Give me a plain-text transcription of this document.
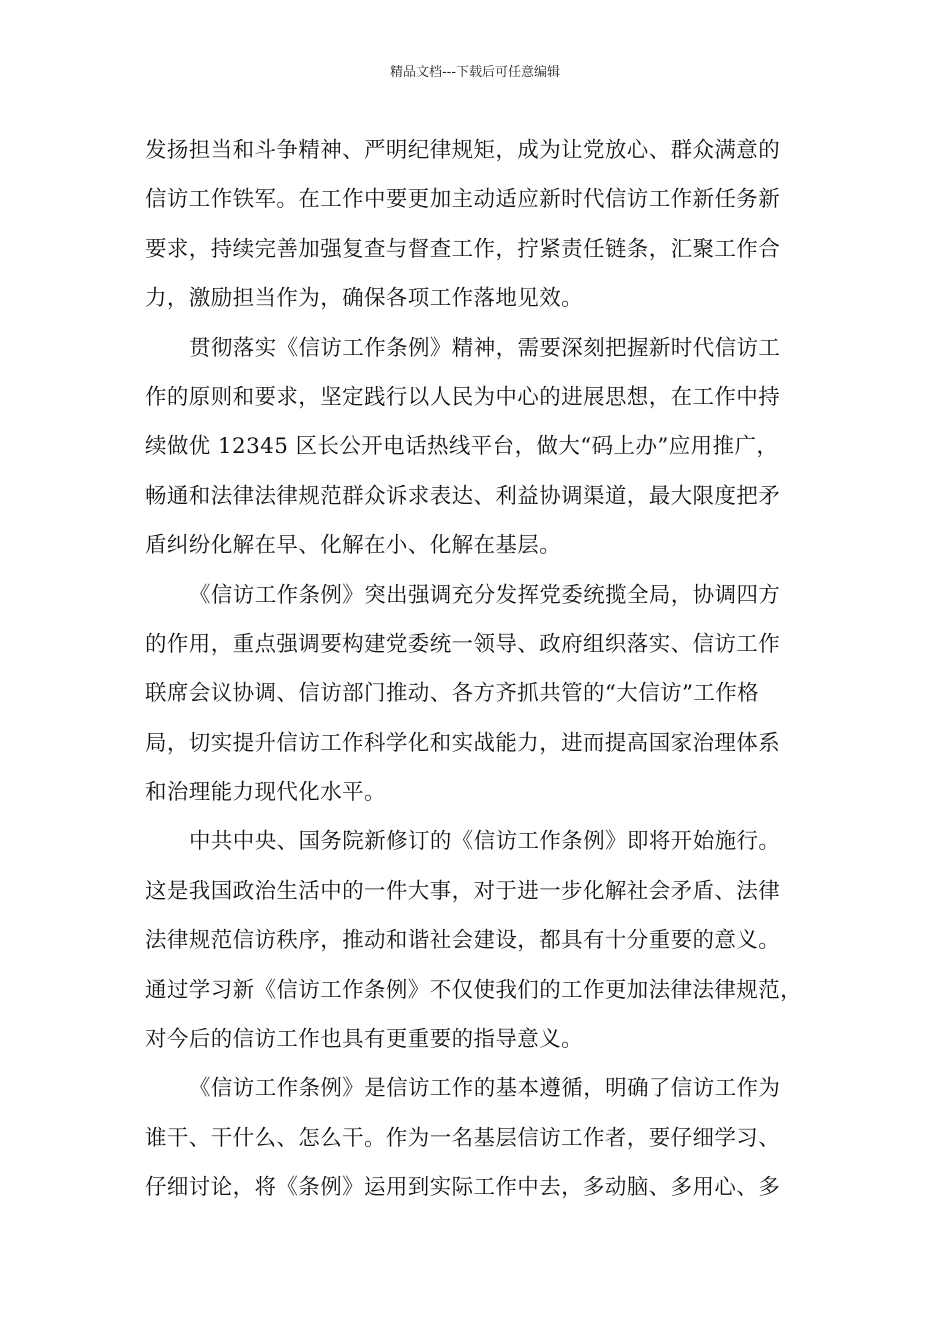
精品文档---下载后可任意编辑
发扬担当和斗争精神、严明纪律规矩，成为让党放心、群众满意的
信访工作铁军。在工作中要更加主动适应新时代信访工作新任务新
要求，持续完善加强复查与督查工作，拧紧责任链条，汇聚工作合
力，激励担当作为，确保各项工作落地见效。
贯彻落实《信访工作条例》精神，需要深刻把握新时代信访工
作的原则和要求，坚定践行以人民为中心的进展思想，在工作中持
续做优 12345 区长公开电话热线平台，做大“码上办”应用推广，
畅通和法律法律规范群众诉求表达、利益协调渠道，最大限度把矛
盾纠纷化解在早、化解在小、化解在基层。
《信访工作条例》突出强调充分发挥党委统揽全局，协调四方
的作用，重点强调要构建党委统一领导、政府组织落实、信访工作
联席会议协调、信访部门推动、各方齐抓共管的“大信访”工作格
局，切实提升信访工作科学化和实战能力，进而提高国家治理体系
和治理能力现代化水平。
中共中央、国务院新修订的《信访工作条例》即将开始施行。
这是我国政治生活中的一件大事，对于进一步化解社会矛盾、法律
法律规范信访秩序，推动和谐社会建设，都具有十分重要的意义。
通过学习新《信访工作条例》不仅使我们的工作更加法律法律规范，
对今后的信访工作也具有更重要的指导意义。
《信访工作条例》是信访工作的基本遵循，明确了信访工作为
谁干、干什么、怎么干。作为一名基层信访工作者，要仔细学习、
仔细讨论，将《条例》运用到实际工作中去，多动脑、多用心、多
